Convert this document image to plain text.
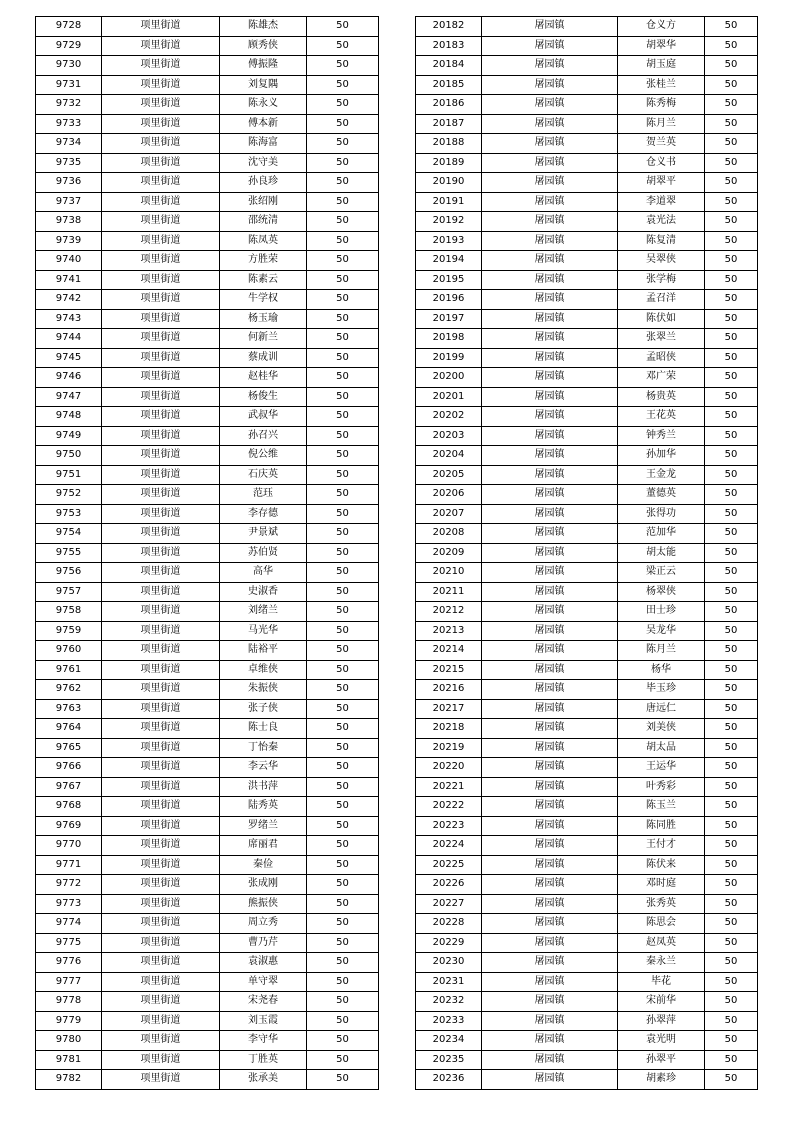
9728	项里街道	陈雄杰	50
9729	项里街道	顾秀侠	50
9730	项里街道	傅振隆	50
9731	项里街道	刘复隅	50
9732	项里街道	陈永义	50
9733	项里街道	傅本新	50
9734	项里街道	陈海富	50
9735	项里街道	沈守美	50
9736	项里街道	孙良珍	50
9737	项里街道	张绍刚	50
9738	项里街道	邵统清	50
9739	项里街道	陈凤英	50
9740	项里街道	方胜荣	50
9741	项里街道	陈素云	50
9742	项里街道	牛学权	50
9743	项里街道	杨玉瑜	50
9744	项里街道	何新兰	50
9745	项里街道	蔡成训	50
9746	项里街道	赵桂华	50
9747	项里街道	杨俊生	50
9748	项里街道	武叔华	50
9749	项里街道	孙召兴	50
9750	项里街道	倪公维	50
9751	项里街道	石庆英	50
9752	项里街道	范珏	50
9753	项里街道	李存德	50
9754	项里街道	尹景斌	50
9755	项里街道	苏伯贤	50
9756	项里街道	高华	50
9757	项里街道	史淑香	50
9758	项里街道	刘绪兰	50
9759	项里街道	马光华	50
9760	项里街道	陆裕平	50
9761	项里街道	卓维侠	50
9762	项里街道	朱振侠	50
9763	项里街道	张子侠	50
9764	项里街道	陈士良	50
9765	项里街道	丁怡秦	50
9766	项里街道	李云华	50
9767	项里街道	洪书萍	50
9768	项里街道	陆秀英	50
9769	项里街道	罗绪兰	50
9770	项里街道	席丽君	50
9771	项里街道	秦俭	50
9772	项里街道	张成刚	50
9773	项里街道	熊振侠	50
9774	项里街道	周立秀	50
9775	项里街道	曹乃芹	50
9776	项里街道	袁淑惠	50
9777	项里街道	单守翠	50
9778	项里街道	宋尧春	50
9779	项里街道	刘玉霞	50
9780	项里街道	李守华	50
9781	项里街道	丁胜英	50
9782	项里街道	张承美	50
20182	屠园镇	仓义方	50
20183	屠园镇	胡翠华	50
20184	屠园镇	胡玉庭	50
20185	屠园镇	张桂兰	50
20186	屠园镇	陈秀梅	50
20187	屠园镇	陈月兰	50
20188	屠园镇	贺兰英	50
20189	屠园镇	仓义书	50
20190	屠园镇	胡翠平	50
20191	屠园镇	李道翠	50
20192	屠园镇	袁光法	50
20193	屠园镇	陈复清	50
20194	屠园镇	吴翠侠	50
20195	屠园镇	张学梅	50
20196	屠园镇	孟召洋	50
20197	屠园镇	陈伏如	50
20198	屠园镇	张翠兰	50
20199	屠园镇	孟昭侠	50
20200	屠园镇	邓广荣	50
20201	屠园镇	杨贵英	50
20202	屠园镇	王花英	50
20203	屠园镇	钟秀兰	50
20204	屠园镇	孙加华	50
20205	屠园镇	王金龙	50
20206	屠园镇	董德英	50
20207	屠园镇	张得功	50
20208	屠园镇	范加华	50
20209	屠园镇	胡太能	50
20210	屠园镇	梁正云	50
20211	屠园镇	杨翠侠	50
20212	屠园镇	田士珍	50
20213	屠园镇	吴龙华	50
20214	屠园镇	陈月兰	50
20215	屠园镇	杨华	50
20216	屠园镇	毕玉珍	50
20217	屠园镇	唐远仁	50
20218	屠园镇	刘美侠	50
20219	屠园镇	胡太品	50
20220	屠园镇	王运华	50
20221	屠园镇	叶秀彩	50
20222	屠园镇	陈玉兰	50
20223	屠园镇	陈同胜	50
20224	屠园镇	王付才	50
20225	屠园镇	陈伏来	50
20226	屠园镇	邓时庭	50
20227	屠园镇	张秀英	50
20228	屠园镇	陈思会	50
20229	屠园镇	赵凤英	50
20230	屠园镇	秦永兰	50
20231	屠园镇	毕花	50
20232	屠园镇	宋前华	50
20233	屠园镇	孙翠萍	50
20234	屠园镇	袁光明	50
20235	屠园镇	孙翠平	50
20236	屠园镇	胡素珍	50
